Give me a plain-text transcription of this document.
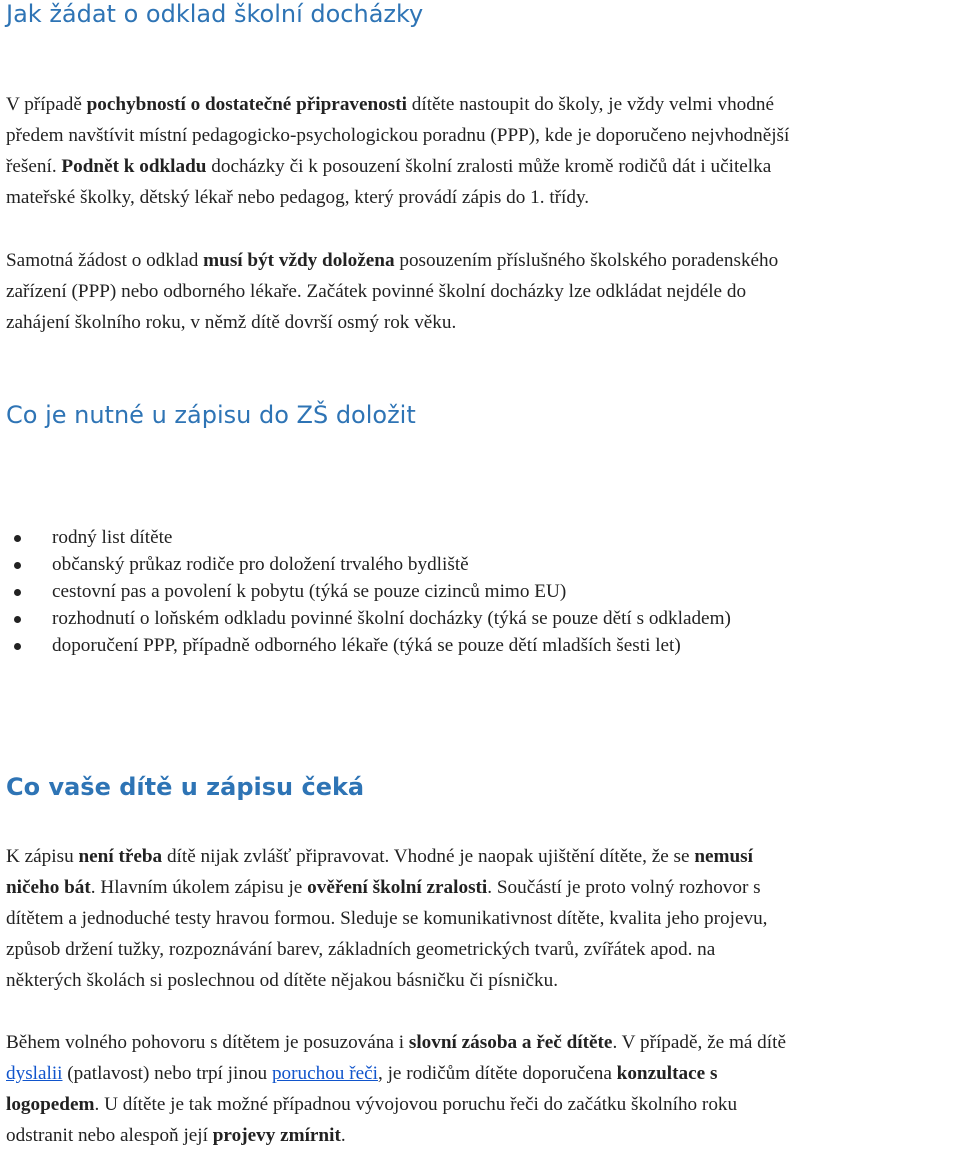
Jak žádat o odklad školní docházky

V případě pochybností o dostatečné připravenosti dítěte nastoupit do školy, je vždy velmi vhodné
předem navštívit místní pedagogicko-psychologickou poradnu (PPP), kde je doporučeno nejvhodnější
řešení. Podnět k odkladu docházky či k posouzení školní zralosti může kromě rodičů dát i učitelka
mateřské školky, dětský lékař nebo pedagog, který provádí zápis do 1. třídy.

Samotná žádost o odklad musí být vždy doložena posouzením příslušného školského poradenského
zařízení (PPP) nebo odborného lékaře. Začátek povinné školní docházky lze odkládat nejdéle do
zahájení školního roku, v němž dítě dovrší osmý rok věku.

Co je nutné u zápisu do ZŠ doložit
rodný list dítěte
občanský průkaz rodiče pro doložení trvalého bydliště
cestovní pas a povolení k pobytu (týká se pouze cizinců mimo EU)
rozhodnutí o loňském odkladu povinné školní docházky (týká se pouze dětí s odkladem)
doporučení PPP, případně odborného lékaře (týká se pouze dětí mladších šesti let)
Co vaše dítě u zápisu čeká

K zápisu není třeba dítě nijak zvlášť připravovat. Vhodné je naopak ujištění dítěte, že se nemusí
ničeho bát. Hlavním úkolem zápisu je ověření školní zralosti. Součástí je proto volný rozhovor s
dítětem a jednoduché testy hravou formou. Sleduje se komunikativnost dítěte, kvalita jeho projevu,
způsob držení tužky, rozpoznávání barev, základních geometrických tvarů, zvířátek apod. na
některých školách si poslechnou od dítěte nějakou básničku či písničku.

Během volného pohovoru s dítětem je posuzována i slovní zásoba a řeč dítěte. V případě, že má dítě
dyslalii (patlavost) nebo trpí jinou poruchou řeči, je rodičům dítěte doporučena konzultace s
logopedem. U dítěte je tak možné případnou vývojovou poruchu řeči do začátku školního roku
odstranit nebo alespoň její projevy zmírnit.
